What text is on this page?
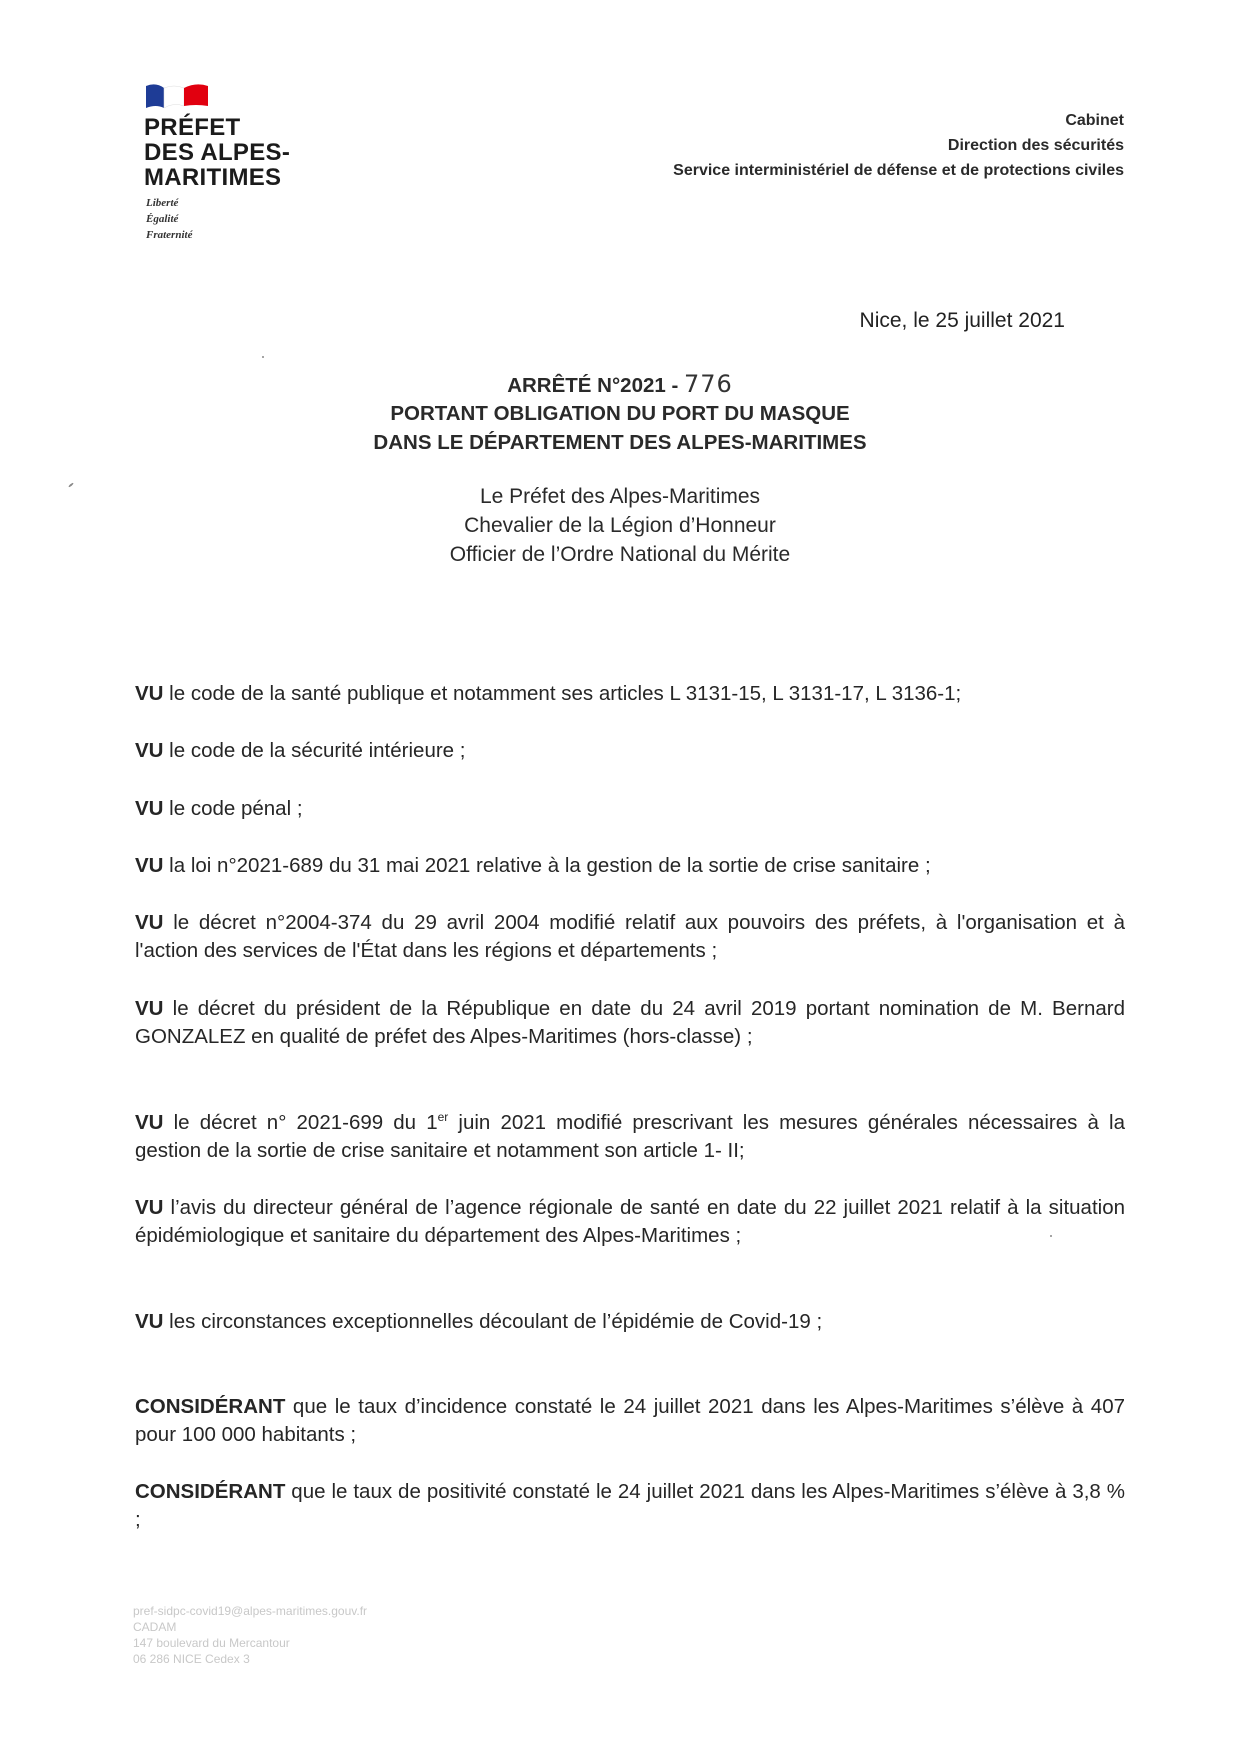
PRÉFET
DES ALPES-
MARITIMES
Liberté
Égalité
Fraternité
Cabinet
Direction des sécurités
Service interministériel de défense et de protections civiles
Nice, le 25 juillet 2021
ARRÊTÉ N°2021 - 776
PORTANT OBLIGATION DU PORT DU MASQUE
DANS LE DÉPARTEMENT DES ALPES-MARITIMES
Le Préfet des Alpes-Maritimes
Chevalier de la Légion d’Honneur
Officier de l’Ordre National du Mérite
VU le code de la santé publique et notamment ses articles L 3131-15, L 3131-17, L 3136-1;
VU le code de la sécurité intérieure ;
VU le code pénal ;
VU la loi n°2021-689 du 31 mai 2021 relative à la gestion de la sortie de crise sanitaire ;
VU le décret n°2004-374 du 29 avril 2004 modifié relatif aux pouvoirs des préfets, à l'organisation et à l'action des services de l'État dans les régions et départements ;
VU le décret du président de la République en date du 24 avril 2019 portant nomination de M. Bernard GONZALEZ en qualité de préfet des Alpes-Maritimes (hors-classe) ;
VU le décret n° 2021-699 du 1er juin 2021 modifié prescrivant les mesures générales nécessaires à la gestion de la sortie de crise sanitaire et notamment son article 1- II;
VU l’avis du directeur général de l’agence régionale de santé en date du 22 juillet 2021 relatif à la situation épidémiologique et sanitaire du département des Alpes-Maritimes ;
VU les circonstances exceptionnelles découlant de l’épidémie de Covid-19 ;
CONSIDÉRANT que le taux d’incidence constaté le 24 juillet 2021 dans les Alpes-Maritimes s’élève à 407 pour 100 000 habitants ;
CONSIDÉRANT que le taux de positivité constaté le 24 juillet 2021 dans les Alpes-Maritimes s’élève à 3,8 % ;
pref-sidpc-covid19@alpes-maritimes.gouv.fr
CADAM
147 boulevard du Mercantour
06 286 NICE Cedex 3
